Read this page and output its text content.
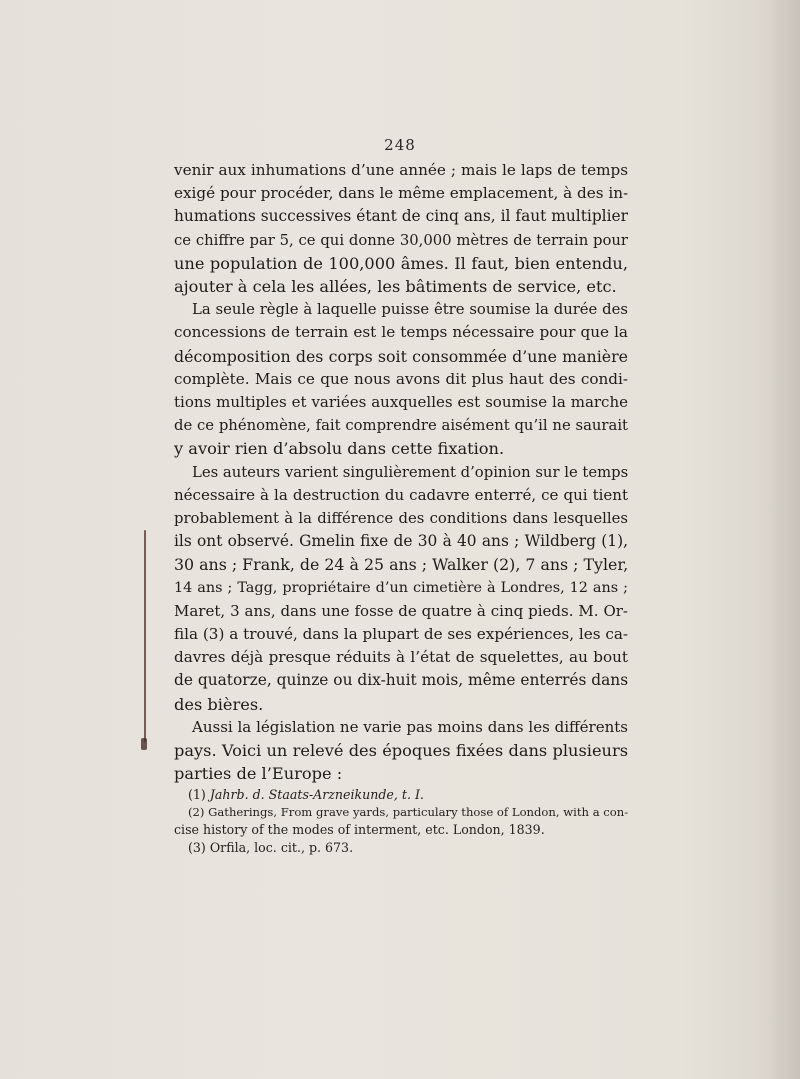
248

venir aux inhumations d’une année ; mais le laps de temps
exigé pour procéder, dans le même emplacement, à des in-
humations successives étant de cinq ans, il faut multiplier
ce chiffre par 5, ce qui donne 30,000 mètres de terrain pour
une population de 100,000 âmes. Il faut, bien entendu,
ajouter à cela les allées, les bâtiments de service, etc.

La seule règle à laquelle puisse être soumise la durée des
concessions de terrain est le temps nécessaire pour que la
décomposition des corps soit consommée d’une manière
complète. Mais ce que nous avons dit plus haut des condi-
tions multiples et variées auxquelles est soumise la marche
de ce phénomène, fait comprendre aisément qu’il ne saurait
y avoir rien d’absolu dans cette fixation.

Les auteurs varient singulièrement d’opinion sur le temps
nécessaire à la destruction du cadavre enterré, ce qui tient
probablement à la différence des conditions dans lesquelles
ils ont observé. Gmelin fixe de 30 à 40 ans ; Wildberg (1),
30 ans ; Frank, de 24 à 25 ans ; Walker (2), 7 ans ; Tyler,
14 ans ; Tagg, propriétaire d’un cimetière à Londres, 12 ans ;
Maret, 3 ans, dans une fosse de quatre à cinq pieds. M. Or-
fila (3) a trouvé, dans la plupart de ses expériences, les ca-
davres déjà presque réduits à l’état de squelettes, au bout
de quatorze, quinze ou dix-huit mois, même enterrés dans
des bières.

Aussi la législation ne varie pas moins dans les différents
pays. Voici un relevé des époques fixées dans plusieurs
parties de l’Europe :

(1) Jahrb. d. Staats-Arzneikunde, t. I.
(2) Gatherings, From grave yards, particulary those of London, with a con-
cise history of the modes of interment, etc. London, 1839.
(3) Orfila, loc. cit., p. 673.
